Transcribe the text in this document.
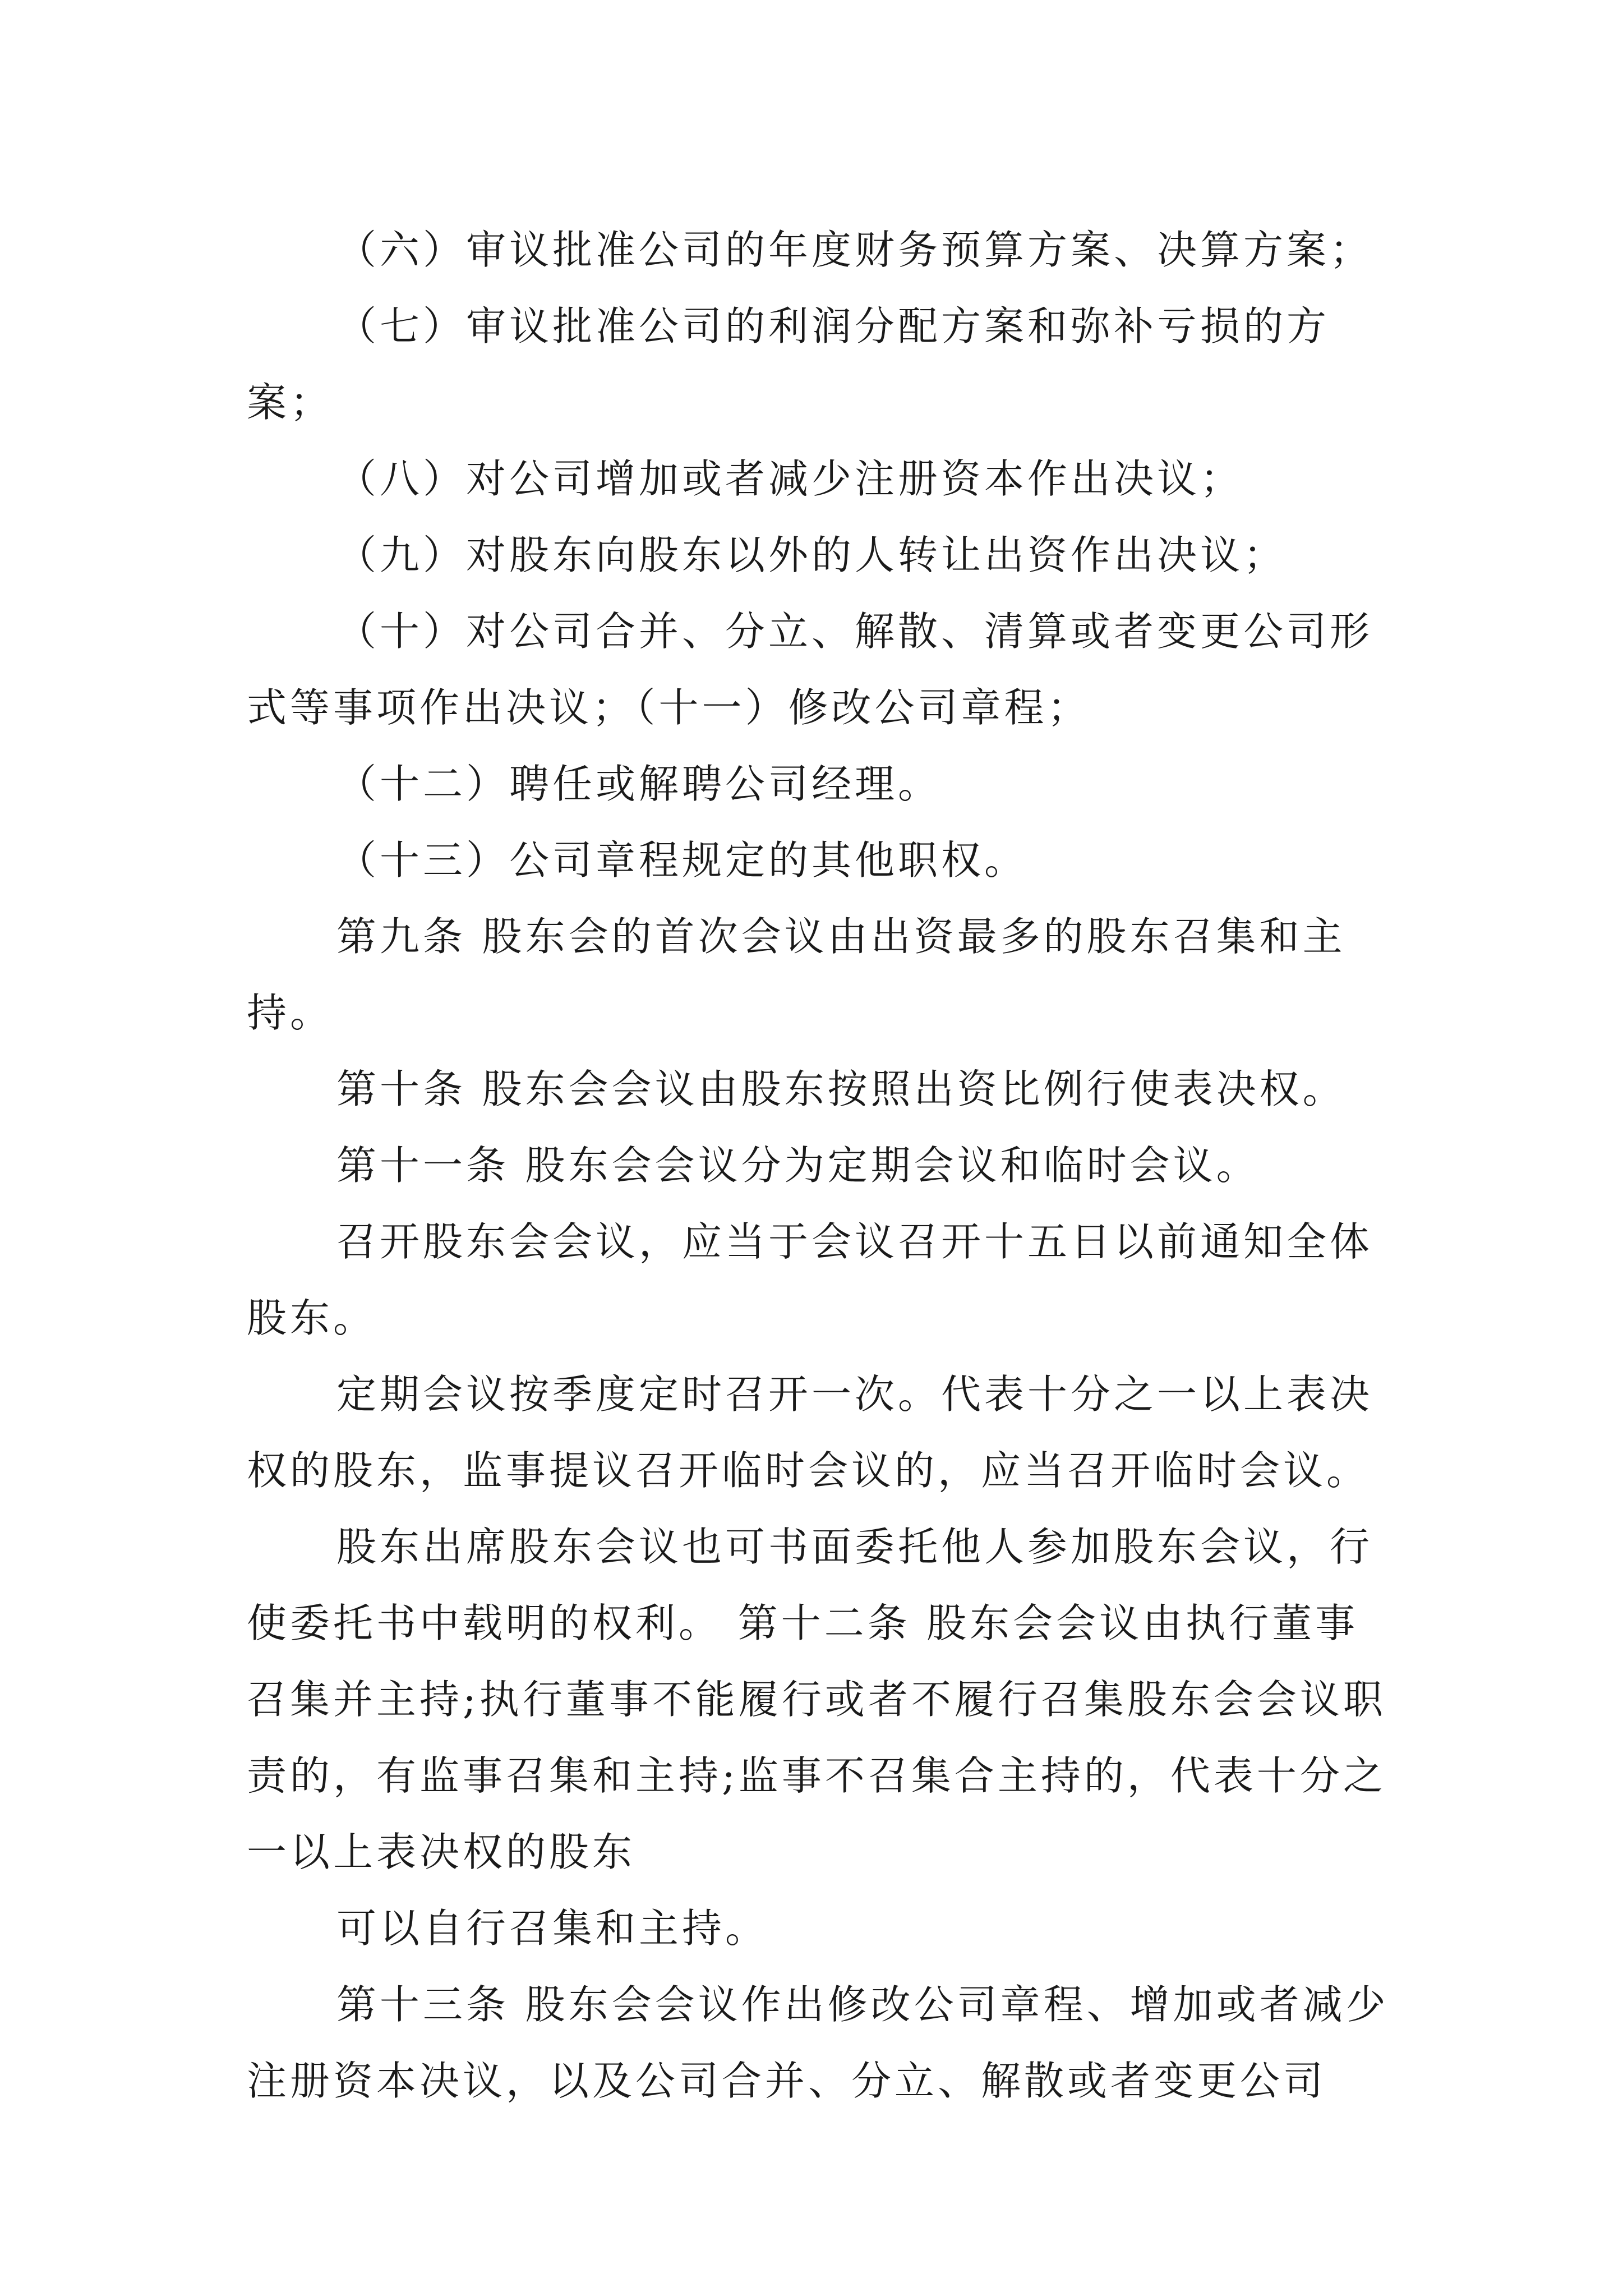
（六）审议批准公司的年度财务预算方案、决算方案；

（七）审议批准公司的利润分配方案和弥补亏损的方案；

（八）对公司增加或者减少注册资本作出决议；

（九）对股东向股东以外的人转让出资作出决议；

（十）对公司合并、分立、解散、清算或者变更公司形式等事项作出决议；（十一）修改公司章程；

（十二）聘任或解聘公司经理。

（十三）公司章程规定的其他职权。

第九条 股东会的首次会议由出资最多的股东召集和主持。

第十条 股东会会议由股东按照出资比例行使表决权。

第十一条 股东会会议分为定期会议和临时会议。

召开股东会会议，应当于会议召开十五日以前通知全体股东。

定期会议按季度定时召开一次。代表十分之一以上表决权的股东，监事提议召开临时会议的，应当召开临时会议。

股东出席股东会议也可书面委托他人参加股东会议，行使委托书中载明的权利。 第十二条 股东会会议由执行董事召集并主持;执行董事不能履行或者不履行召集股东会会议职责的，有监事召集和主持;监事不召集合主持的，代表十分之一以上表决权的股东

可以自行召集和主持。

第十三条 股东会会议作出修改公司章程、增加或者减少注册资本决议，以及公司合并、分立、解散或者变更公司
